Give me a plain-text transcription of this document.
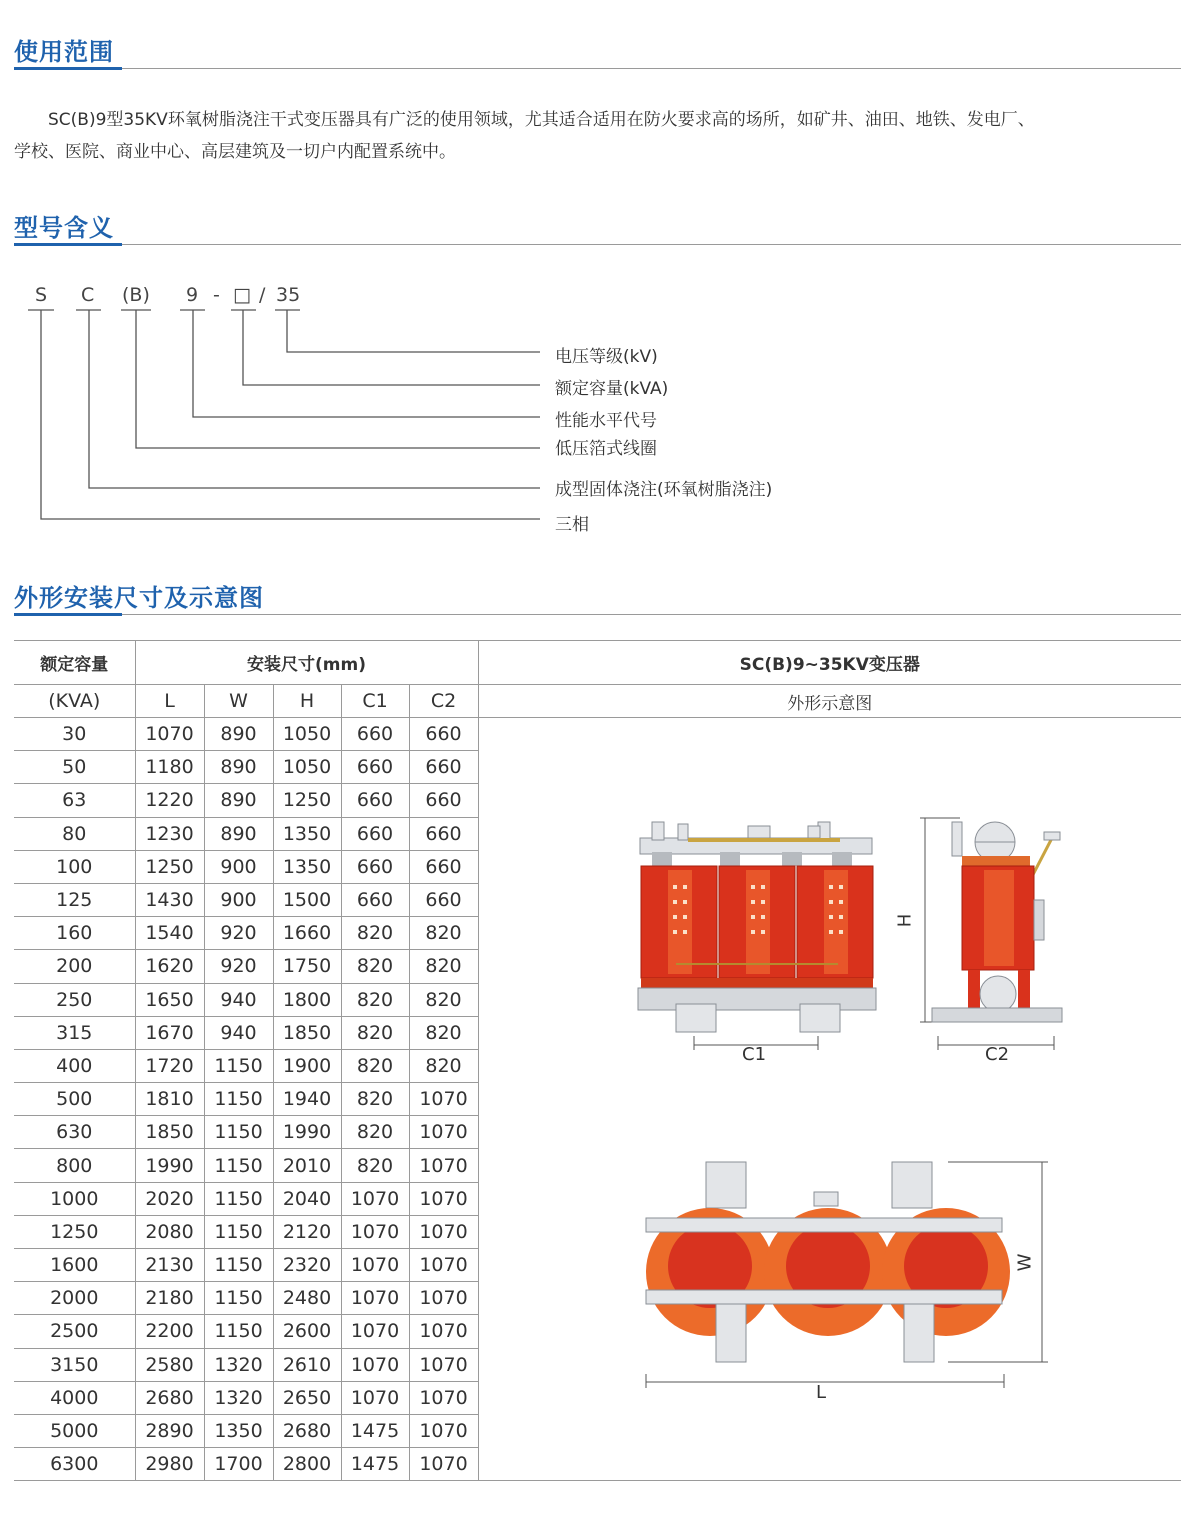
使用范围
SC(B)9型35KV环氧树脂浇注干式变压器具有广泛的使用领域，尤其适合适用在防火要求高的场所，如矿井、油田、地铁、发电厂、
学校、医院、商业中心、高层建筑及一切户内配置系统中。
型号含义
S C (B) 9 - □ / 35
电压等级(kV)
额定容量(kVA)
性能水平代号
低压箔式线圈
成型固体浇注(环氧树脂浇注)
三相
外形安装尺寸及示意图
额定容量	安装尺寸(mm)					SC(B)9~35KV变压器
(KVA)	L	W	H	C1	C2	外形示意图
30	1070	890	1050	660	660	
50	1180	890	1050	660	660	
63	1220	890	1250	660	660	
80	1230	890	1350	660	660	
100	1250	900	1350	660	660	
125	1430	900	1500	660	660	
160	1540	920	1660	820	820	
200	1620	920	1750	820	820	
250	1650	940	1800	820	820	
315	1670	940	1850	820	820	
400	1720	1150	1900	820	820	
500	1810	1150	1940	820	1070	
630	1850	1150	1990	820	1070	
800	1990	1150	2010	820	1070	
1000	2020	1150	2040	1070	1070	
1250	2080	1150	2120	1070	1070	
1600	2130	1150	2320	1070	1070	
2000	2180	1150	2480	1070	1070	
2500	2200	1150	2600	1070	1070	
3150	2580	1320	2610	1070	1070	
4000	2680	1320	2650	1070	1070	
5000	2890	1350	2680	1475	1070	
6300	2980	1700	2800	1475	1070	
C1	C2
H
W
L
